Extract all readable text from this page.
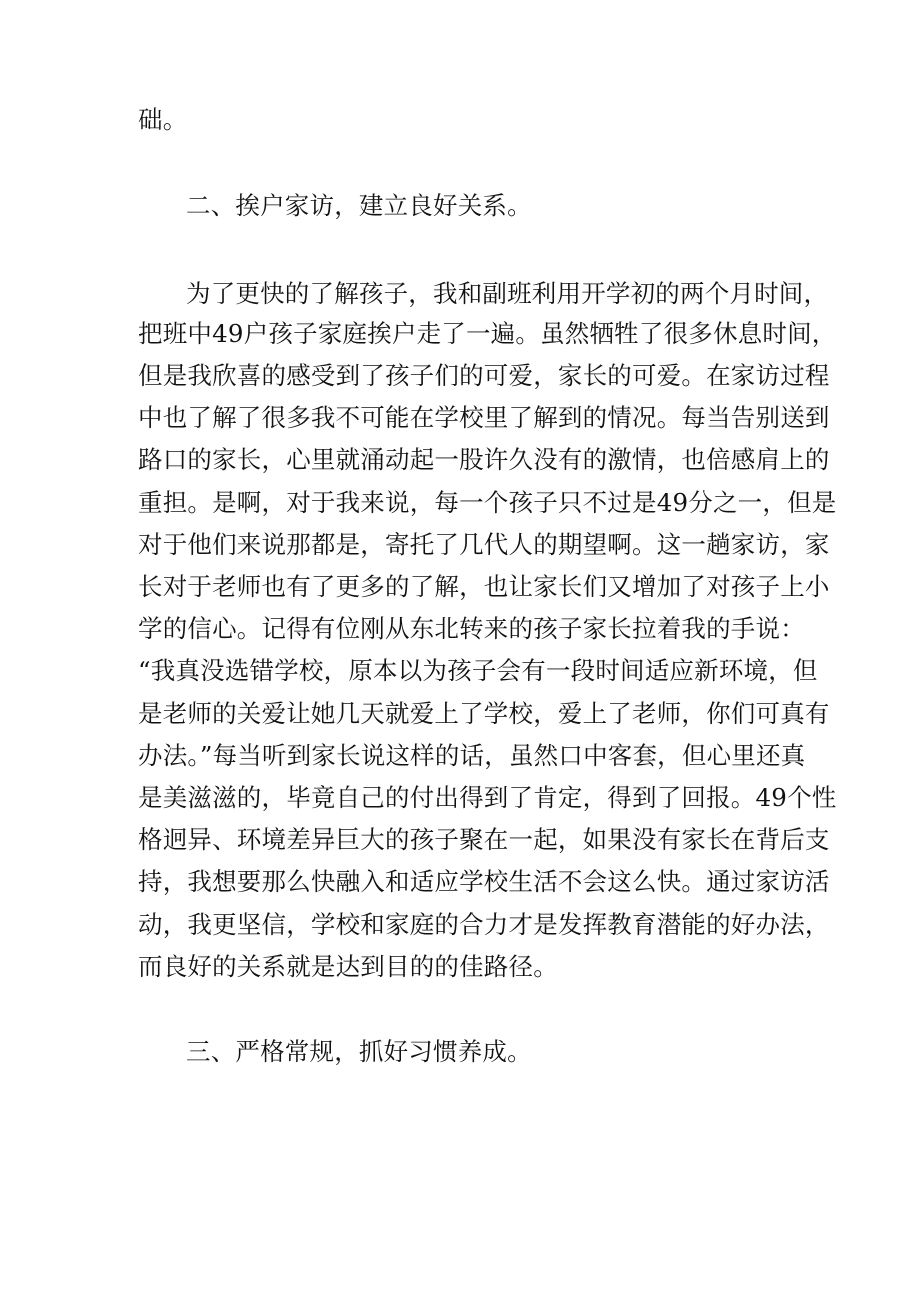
础。
二、挨户家访，建立良好关系。
为了更快的了解孩子，我和副班利用开学初的两个月时间，
把班中49户孩子家庭挨户走了一遍。虽然牺牲了很多休息时间，
但是我欣喜的感受到了孩子们的可爱，家长的可爱。在家访过程
中也了解了很多我不可能在学校里了解到的情况。每当告别送到
路口的家长，心里就涌动起一股许久没有的激情，也倍感肩上的
重担。是啊，对于我来说，每一个孩子只不过是49分之一，但是
对于他们来说那都是，寄托了几代人的期望啊。这一趟家访，家
长对于老师也有了更多的了解，也让家长们又增加了对孩子上小
学的信心。记得有位刚从东北转来的孩子家长拉着我的手说：
“我真没选错学校，原本以为孩子会有一段时间适应新环境，但
是老师的关爱让她几天就爱上了学校，爱上了老师，你们可真有
办法。”每当听到家长说这样的话，虽然口中客套，但心里还真
是美滋滋的，毕竟自己的付出得到了肯定，得到了回报。49个性
格迥异、环境差异巨大的孩子聚在一起，如果没有家长在背后支
持，我想要那么快融入和适应学校生活不会这么快。通过家访活
动，我更坚信，学校和家庭的合力才是发挥教育潜能的好办法，
而良好的关系就是达到目的的佳路径。
三、严格常规，抓好习惯养成。
